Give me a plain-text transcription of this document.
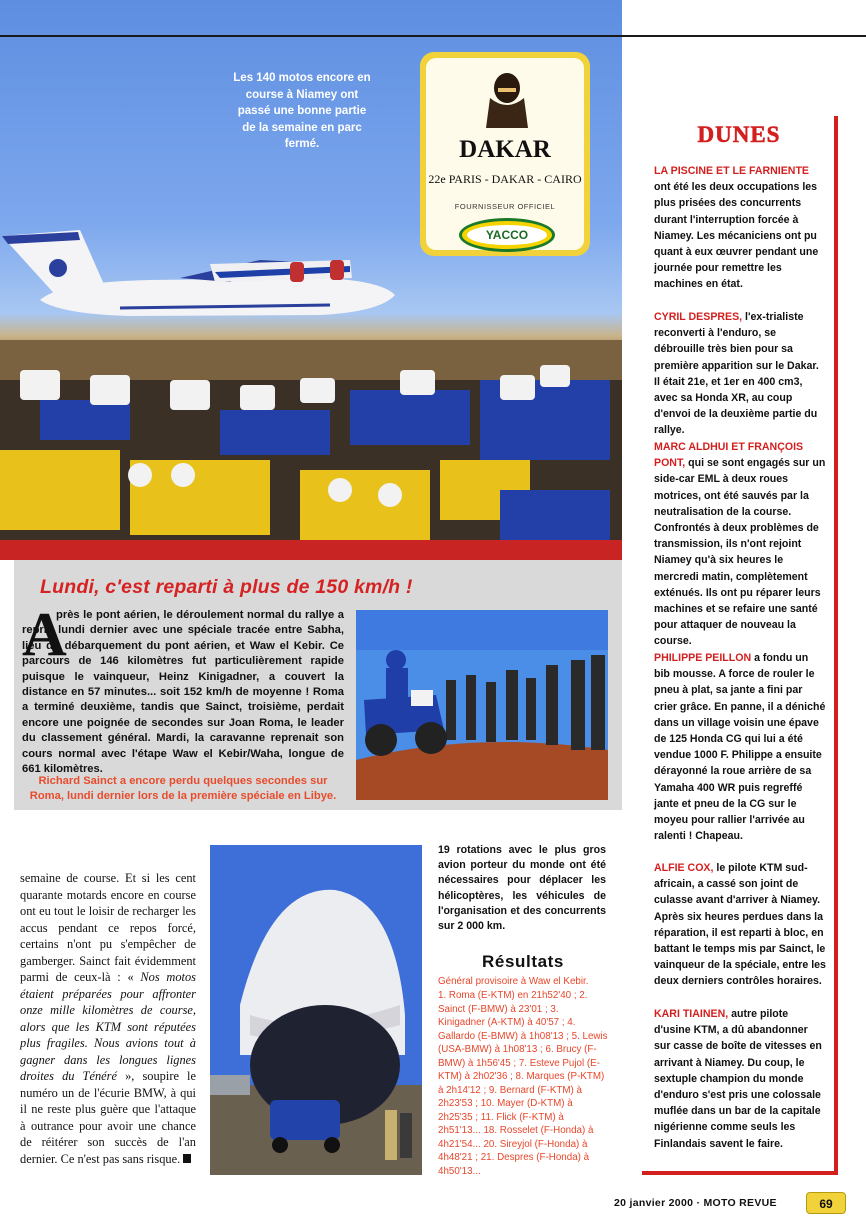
Les 140 motos encore en course à Niamey ont passé une bonne partie de la semaine en parc fermé.	DAKAR
22e PARIS - DAKAR - CAIRO
FOURNISSEUR OFFICIEL
YACCO
Lundi, c'est reparti à plus de 150 km/h !
A
près le pont aérien, le déroulement normal du rallye a repris lundi dernier avec une spéciale tracée entre Sabha, lieu du débarquement du pont aérien, et Waw el Kebir. Ce parcours de 146 kilomètres fut particulièrement rapide puisque le vainqueur, Heinz Kinigadner, a couvert la distance en 57 minutes... soit 152 km/h de moyenne ! Roma a terminé deuxième, tandis que Sainct, troisième, perdait encore une poignée de secondes sur Joan Roma, le leader du classement général. Mardi, la caravanne reprenait son cours normal avec l'étape Waw el Kebir/Waha, longue de 661 kilomètres.
Richard Sainct a encore perdu quelques secondes sur Roma, lundi dernier lors de la première spéciale en Libye.
semaine de course. Et si les cent quarante motards encore en course ont eu tout le loisir de recharger les accus pendant ce repos forcé, certains n'ont pu s'empêcher de gamberger. Sainct fait évidemment parmi de ceux-là : « Nos motos étaient préparées pour affronter onze mille kilomètres de course, alors que les KTM sont réputées plus fragiles. Nous avions tout à gagner dans les longues lignes droites du Ténéré », soupire le numéro un de l'écurie BMW, à qui il ne reste plus guère que l'attaque à outrance pour avoir une chance de réitérer son succès de l'an dernier. Ce n'est pas sans risque.
19 rotations avec le plus gros avion porteur du monde ont été nécessaires pour déplacer les hélicoptères, les véhicules de l'organisation et des concurrents sur 2 000 km.
Résultats
Général provisoire à Waw el Kebir.
1. Roma (E-KTM) en 21h52'40 ; 2. Sainct (F-BMW) à 23'01 ; 3. Kinigadner (A-KTM) à 40'57 ; 4. Gallardo (E-BMW) à 1h08'13 ; 5. Lewis (USA-BMW) à 1h08'13 ; 6. Brucy (F-BMW) à 1h56'45 ; 7. Esteve Pujol (E-KTM) à 2h02'36 ; 8. Marques (P-KTM) à 2h14'12 ; 9. Bernard (F-KTM) à 2h23'53 ; 10. Mayer (D-KTM) à 2h25'35 ; 11. Flick (F-KTM) à 2h51'13... 18. Rosselet (F-Honda) à 4h21'54... 20. Sireyjol (F-Honda) à 4h48'21 ; 21. Despres (F-Honda) à 4h50'13...
DUNES
LA PISCINE ET LE FARNIENTE ont été les deux occupations les plus prisées des concurrents durant l'interruption forcée à Niamey. Les mécaniciens ont pu quant à eux œuvrer pendant une journée pour remettre les machines en état.
CYRIL DESPRES, l'ex-trialiste reconverti à l'enduro, se débrouille très bien pour sa première apparition sur le Dakar. Il était 21e, et 1er en 400 cm3, avec sa Honda XR, au coup d'envoi de la deuxième partie du rallye.
MARC ALDHUI ET FRANÇOIS PONT, qui se sont engagés sur un side-car EML à deux roues motrices, ont été sauvés par la neutralisation de la course. Confrontés à deux problèmes de transmission, ils n'ont rejoint Niamey qu'à six heures le mercredi matin, complètement exténués. Ils ont pu réparer leurs machines et se refaire une santé pour attaquer de nouveau la course.
PHILIPPE PEILLON a fondu un bib mousse. A force de rouler le pneu à plat, sa jante a fini par crier grâce. En panne, il a déniché dans un village voisin une épave de 125 Honda CG qui lui a été vendue 1000 F. Philippe a ensuite dérayonné la roue arrière de sa Yamaha 400 WR puis regreffé jante et pneu de la CG sur le moyeu pour rallier l'arrivée au ralenti ! Chapeau.
ALFIE COX, le pilote KTM sud-africain, a cassé son joint de culasse avant d'arriver à Niamey. Après six heures perdues dans la réparation, il est reparti à bloc, en battant le temps mis par Sainct, le vainqueur de la spéciale, entre les deux derniers contrôles horaires.
KARI TIAINEN, autre pilote d'usine KTM, a dû abandonner sur casse de boîte de vitesses en arrivant à Niamey. Du coup, le sextuple champion du monde d'enduro s'est pris une colossale muflée dans un bar de la capitale nigérienne comme seuls les Finlandais savent le faire.
20 janvier 2000 · MOTO REVUE	69
